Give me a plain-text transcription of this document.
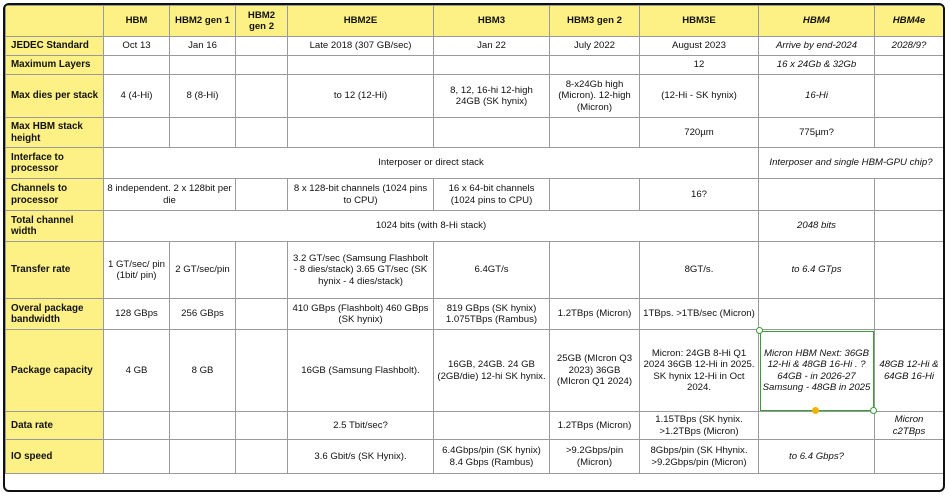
	HBM	HBM2 gen 1	HBM2 gen 2	HBM2E	HBM3	HBM3 gen 2	HBM3E	HBM4	HBM4e
JEDEC Standard	Oct 13	Jan 16		Late 2018 (307 GB/sec)	Jan 22	July 2022	August 2023	Arrive by end-2024	2028/9?
Maximum Layers							12	16 x 24Gb & 32Gb	
Max dies per stack	4 (4-Hi)	8 (8-Hi)		to 12 (12-Hi)	8, 12, 16-hi 12-high 24GB (SK hynix)	8-x24Gb high (Micron). 12-high (Micron)	(12-Hi - SK hynix)	16-Hi	
Max HBM stack height							720µm	775µm?	
Interface to processor	Interposer or direct stack							Interposer and single HBM-GPU chip?	
Channels to processor	8 independent. 2 x 128bit per die			8 x 128-bit channels (1024 pins to CPU)	16 x 64-bit channels (1024 pins to CPU)		16?		
Total channel width	1024 bits (with 8-Hi stack)							2048 bits	
Transfer rate	1 GT/sec/ pin (1bit/ pin)	2 GT/sec/pin		3.2 GT/sec (Samsung Flashbolt - 8 dies/stack) 3.65 GT/sec (SK hynix - 4 dies/stack)	6.4GT/s		8GT/s.	to 6.4 GTps	
Overal package bandwidth	128 GBps	256 GBps		410 GBps (Flashbolt) 460 GBps (SK hynix)	819 GBps (SK hynix) 1.075TBps (Rambus)	1.2TBps (Micron)	1TBps. >1TB/sec (Micron)		
Package capacity	4 GB	8 GB		16GB (Samsung Flashbolt).	16GB, 24GB. 24 GB (2GB/die) 12-hi SK hynix.	25GB (MIcron Q3 2023) 36GB (MIcron Q1 2024)	Micron: 24GB 8-Hi Q1 2024 36GB 12-Hi in 2025. SK hynix 12-Hi in Oct 2024.	Micron HBM Next: 36GB 12-Hi & 48GB 16-Hi . ?64GB - in 2026-27 Samsung - 48GB in 2025	48GB 12-Hi & 64GB 16-Hi
Data rate				2.5 Tbit/sec?		1.2TBps (Micron)	1.15TBps (SK hynix. >1.2TBps (Micron)		Micron c2TBps
IO speed				3.6 Gbit/s (SK Hynix).	6.4Gbps/pin (SK hynix) 8.4 Gbps (Rambus)	>9.2Gbps/pin (Micron)	8Gbps/pin (SK Hhynix. >9.2Gbps/pin (Micron)	to 6.4 Gbps?	
